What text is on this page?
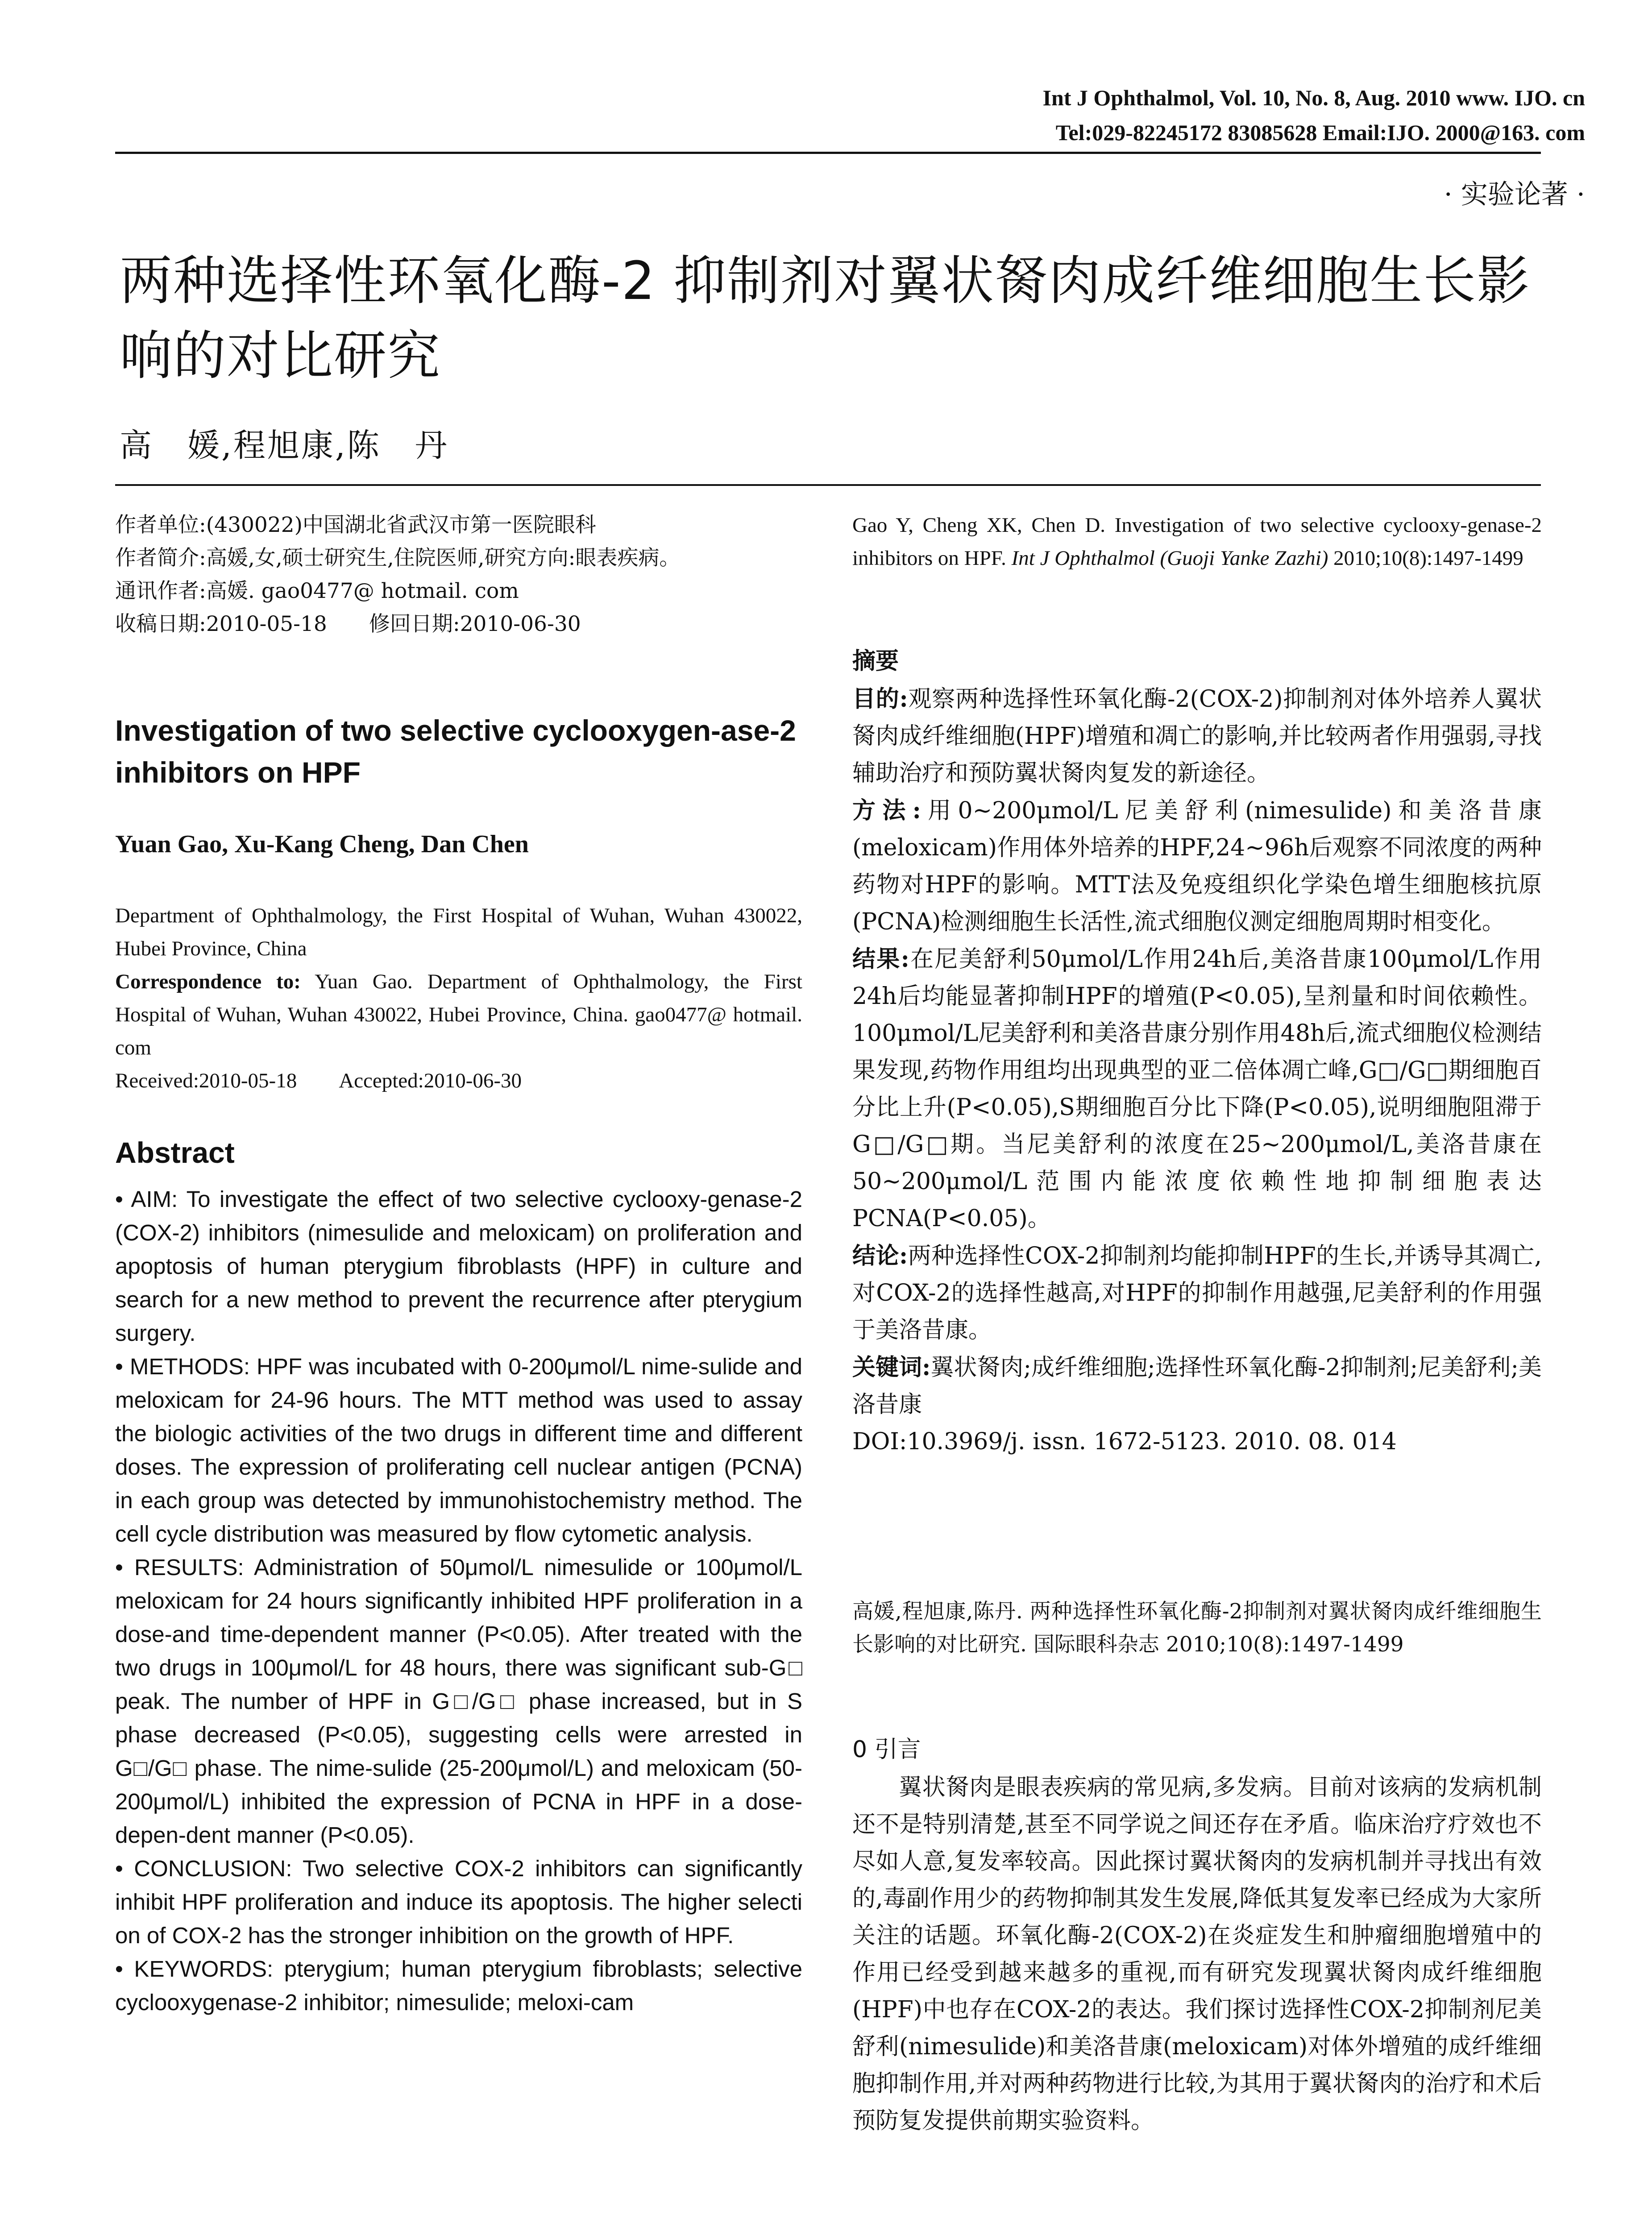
Int J Ophthalmol, Vol. 10, No. 8, Aug. 2010 www. IJO. cn
Tel:029-82245172 83085628 Email:IJO. 2000@163. com
· 实验论著 ·
两种选择性环氧化酶-2 抑制剂对翼状胬肉成纤维细胞生长影响的对比研究
高　媛,程旭康,陈　丹
作者单位:(430022)中国湖北省武汉市第一医院眼科
作者简介:高媛,女,硕士研究生,住院医师,研究方向:眼表疾病。
通讯作者:高媛. gao0477@ hotmail. com
收稿日期:2010-05-18　　修回日期:2010-06-30
Investigation of two selective cyclooxygen-ase-2 inhibitors on HPF
Yuan Gao, Xu-Kang Cheng, Dan Chen
Department of Ophthalmology, the First Hospital of Wuhan, Wuhan 430022, Hubei Province, China
Correspondence to: Yuan Gao. Department of Ophthalmology, the First Hospital of Wuhan, Wuhan 430022, Hubei Province, China. gao0477@ hotmail. com
Received:2010-05-18　　Accepted:2010-06-30
Abstract

• AIM: To investigate the effect of two selective cyclooxy-genase-2 (COX-2) inhibitors (nimesulide and meloxicam) on proliferation and apoptosis of human pterygium fibroblasts (HPF) in culture and search for a new method to prevent the recurrence after pterygium surgery.

• METHODS: HPF was incubated with 0-200μmol/L nime-sulide and meloxicam for 24-96 hours. The MTT method was used to assay the biologic activities of the two drugs in different time and different doses. The expression of proliferating cell nuclear antigen (PCNA) in each group was detected by immunohistochemistry method. The cell cycle distribution was measured by flow cytometic analysis.

• RESULTS: Administration of 50μmol/L nimesulide or 100μmol/L meloxicam for 24 hours significantly inhibited HPF proliferation in a dose-and time-dependent manner (P<0.05). After treated with the two drugs in 100μmol/L for 48 hours, there was significant sub-G□ peak. The number of HPF in G□/G□ phase increased, but in S phase decreased (P<0.05), suggesting cells were arrested in G□/G□ phase. The nime-sulide (25-200μmol/L) and meloxicam (50-200μmol/L) inhibited the expression of PCNA in HPF in a dose-depen-dent manner (P<0.05).

• CONCLUSION: Two selective COX-2 inhibitors can significantly inhibit HPF proliferation and induce its apoptosis. The higher selecti on of COX-2 has the stronger inhibition on the growth of HPF.

• KEYWORDS: pterygium; human pterygium fibroblasts; selective cyclooxygenase-2 inhibitor; nimesulide; meloxi-cam

Gao Y, Cheng XK, Chen D. Investigation of two selective cyclooxy-genase-2 inhibitors on HPF. Int J Ophthalmol (Guoji Yanke Zazhi) 2010;10(8):1497-1499
摘要

目的:观察两种选择性环氧化酶-2(COX-2)抑制剂对体外培养人翼状胬肉成纤维细胞(HPF)增殖和凋亡的影响,并比较两者作用强弱,寻找辅助治疗和预防翼状胬肉复发的新途径。

方法:用0~200μmol/L尼美舒利(nimesulide)和美洛昔康(meloxicam)作用体外培养的HPF,24~96h后观察不同浓度的两种药物对HPF的影响。MTT法及免疫组织化学染色增生细胞核抗原(PCNA)检测细胞生长活性,流式细胞仪测定细胞周期时相变化。

结果:在尼美舒利50μmol/L作用24h后,美洛昔康100μmol/L作用24h后均能显著抑制HPF的增殖(P<0.05),呈剂量和时间依赖性。100μmol/L尼美舒利和美洛昔康分别作用48h后,流式细胞仪检测结果发现,药物作用组均出现典型的亚二倍体凋亡峰,G□/G□期细胞百分比上升(P<0.05),S期细胞百分比下降(P<0.05),说明细胞阻滞于G□/G□期。当尼美舒利的浓度在25~200μmol/L,美洛昔康在50~200μmol/L范围内能浓度依赖性地抑制细胞表达PCNA(P<0.05)。

结论:两种选择性COX-2抑制剂均能抑制HPF的生长,并诱导其凋亡,对COX-2的选择性越高,对HPF的抑制作用越强,尼美舒利的作用强于美洛昔康。

关键词:翼状胬肉;成纤维细胞;选择性环氧化酶-2抑制剂;尼美舒利;美洛昔康

DOI:10.3969/j. issn. 1672-5123. 2010. 08. 014

高媛,程旭康,陈丹. 两种选择性环氧化酶-2抑制剂对翼状胬肉成纤维细胞生长影响的对比研究. 国际眼科杂志 2010;10(8):1497-1499
0 引言
翼状胬肉是眼表疾病的常见病,多发病。目前对该病的发病机制还不是特别清楚,甚至不同学说之间还存在矛盾。临床治疗疗效也不尽如人意,复发率较高。因此探讨翼状胬肉的发病机制并寻找出有效的,毒副作用少的药物抑制其发生发展,降低其复发率已经成为大家所关注的话题。环氧化酶-2(COX-2)在炎症发生和肿瘤细胞增殖中的作用已经受到越来越多的重视,而有研究发现翼状胬肉成纤维细胞(HPF)中也存在COX-2的表达。我们探讨选择性COX-2抑制剂尼美舒利(nimesulide)和美洛昔康(meloxicam)对体外增殖的成纤维细胞抑制作用,并对两种药物进行比较,为其用于翼状胬肉的治疗和术后预防复发提供前期实验资料。
